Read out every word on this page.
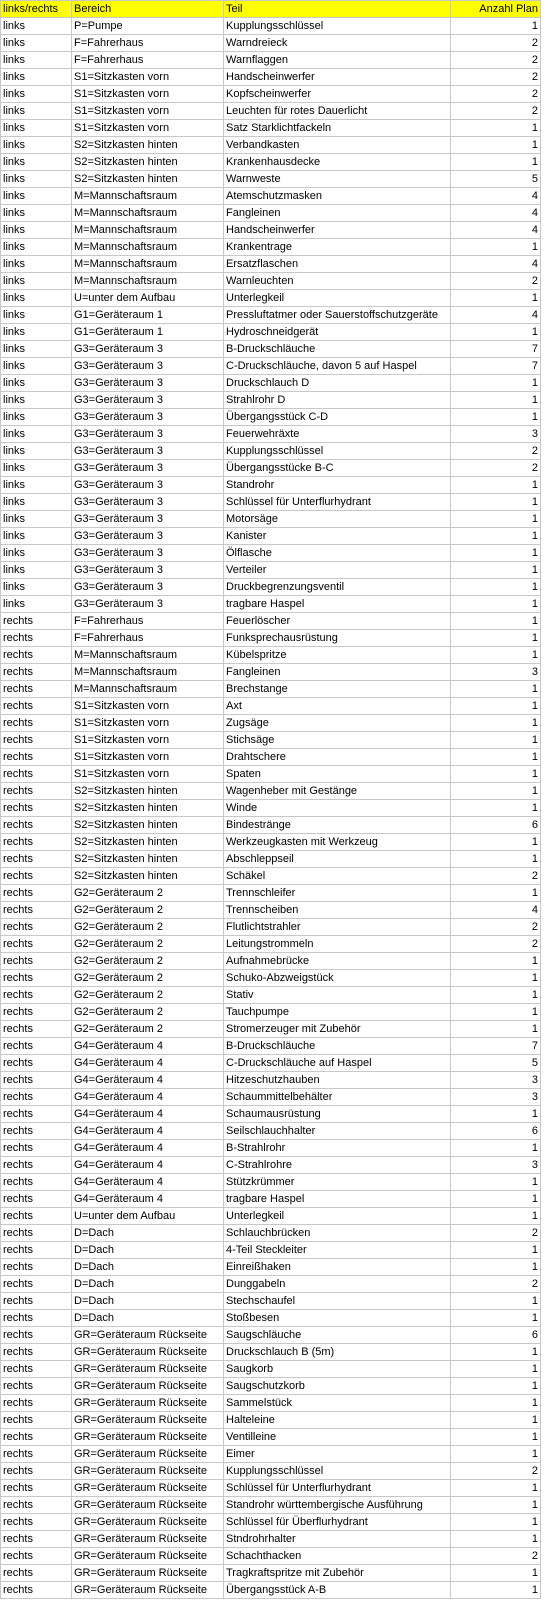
links/rechts	Bereich	Teil	Anzahl Plan
links	P=Pumpe	Kupplungsschlüssel	1
links	F=Fahrerhaus	Warndreieck	2
links	F=Fahrerhaus	Warnflaggen	2
links	S1=Sitzkasten vorn	Handscheinwerfer	2
links	S1=Sitzkasten vorn	Kopfscheinwerfer	2
links	S1=Sitzkasten vorn	Leuchten für rotes Dauerlicht	2
links	S1=Sitzkasten vorn	Satz Starklichtfackeln	1
links	S2=Sitzkasten hinten	Verbandkasten	1
links	S2=Sitzkasten hinten	Krankenhausdecke	1
links	S2=Sitzkasten hinten	Warnweste	5
links	M=Mannschaftsraum	Atemschutzmasken	4
links	M=Mannschaftsraum	Fangleinen	4
links	M=Mannschaftsraum	Handscheinwerfer	4
links	M=Mannschaftsraum	Krankentrage	1
links	M=Mannschaftsraum	Ersatzflaschen	4
links	M=Mannschaftsraum	Warnleuchten	2
links	U=unter dem Aufbau	Unterlegkeil	1
links	G1=Geräteraum 1	Pressluftatmer oder Sauerstoffschutzgeräte	4
links	G1=Geräteraum 1	Hydroschneidgerät	1
links	G3=Geräteraum 3	B-Druckschläuche	7
links	G3=Geräteraum 3	C-Druckschläuche, davon 5 auf Haspel	7
links	G3=Geräteraum 3	Druckschlauch D	1
links	G3=Geräteraum 3	Strahlrohr D	1
links	G3=Geräteraum 3	Übergangsstück C-D	1
links	G3=Geräteraum 3	Feuerwehräxte	3
links	G3=Geräteraum 3	Kupplungsschlüssel	2
links	G3=Geräteraum 3	Übergangsstücke B-C	2
links	G3=Geräteraum 3	Standrohr	1
links	G3=Geräteraum 3	Schlüssel für Unterflurhydrant	1
links	G3=Geräteraum 3	Motorsäge	1
links	G3=Geräteraum 3	Kanister	1
links	G3=Geräteraum 3	Ölflasche	1
links	G3=Geräteraum 3	Verteiler	1
links	G3=Geräteraum 3	Druckbegrenzungsventil	1
links	G3=Geräteraum 3	tragbare Haspel	1
rechts	F=Fahrerhaus	Feuerlöscher	1
rechts	F=Fahrerhaus	Funksprechausrüstung	1
rechts	M=Mannschaftsraum	Kübelspritze	1
rechts	M=Mannschaftsraum	Fangleinen	3
rechts	M=Mannschaftsraum	Brechstange	1
rechts	S1=Sitzkasten vorn	Axt	1
rechts	S1=Sitzkasten vorn	Zugsäge	1
rechts	S1=Sitzkasten vorn	Stichsäge	1
rechts	S1=Sitzkasten vorn	Drahtschere	1
rechts	S1=Sitzkasten vorn	Spaten	1
rechts	S2=Sitzkasten hinten	Wagenheber mit Gestänge	1
rechts	S2=Sitzkasten hinten	Winde	1
rechts	S2=Sitzkasten hinten	Bindestränge	6
rechts	S2=Sitzkasten hinten	Werkzeugkasten mit Werkzeug	1
rechts	S2=Sitzkasten hinten	Abschleppseil	1
rechts	S2=Sitzkasten hinten	Schäkel	2
rechts	G2=Geräteraum 2	Trennschleifer	1
rechts	G2=Geräteraum 2	Trennscheiben	4
rechts	G2=Geräteraum 2	Flutlichtstrahler	2
rechts	G2=Geräteraum 2	Leitungstrommeln	2
rechts	G2=Geräteraum 2	Aufnahmebrücke	1
rechts	G2=Geräteraum 2	Schuko-Abzweigstück	1
rechts	G2=Geräteraum 2	Stativ	1
rechts	G2=Geräteraum 2	Tauchpumpe	1
rechts	G2=Geräteraum 2	Stromerzeuger mit Zubehör	1
rechts	G4=Geräteraum 4	B-Druckschläuche	7
rechts	G4=Geräteraum 4	C-Druckschläuche auf Haspel	5
rechts	G4=Geräteraum 4	Hitzeschutzhauben	3
rechts	G4=Geräteraum 4	Schaummittelbehälter	3
rechts	G4=Geräteraum 4	Schaumausrüstung	1
rechts	G4=Geräteraum 4	Seilschlauchhalter	6
rechts	G4=Geräteraum 4	B-Strahlrohr	1
rechts	G4=Geräteraum 4	C-Strahlrohre	3
rechts	G4=Geräteraum 4	Stützkrümmer	1
rechts	G4=Geräteraum 4	tragbare Haspel	1
rechts	U=unter dem Aufbau	Unterlegkeil	1
rechts	D=Dach	Schlauchbrücken	2
rechts	D=Dach	4-Teil Steckleiter	1
rechts	D=Dach	Einreißhaken	1
rechts	D=Dach	Dunggabeln	2
rechts	D=Dach	Stechschaufel	1
rechts	D=Dach	Stoßbesen	1
rechts	GR=Geräteraum Rückseite	Saugschläuche	6
rechts	GR=Geräteraum Rückseite	Druckschlauch B (5m)	1
rechts	GR=Geräteraum Rückseite	Saugkorb	1
rechts	GR=Geräteraum Rückseite	Saugschutzkorb	1
rechts	GR=Geräteraum Rückseite	Sammelstück	1
rechts	GR=Geräteraum Rückseite	Halteleine	1
rechts	GR=Geräteraum Rückseite	Ventilleine	1
rechts	GR=Geräteraum Rückseite	Eimer	1
rechts	GR=Geräteraum Rückseite	Kupplungsschlüssel	2
rechts	GR=Geräteraum Rückseite	Schlüssel für Unterflurhydrant	1
rechts	GR=Geräteraum Rückseite	Standrohr württembergische Ausführung	1
rechts	GR=Geräteraum Rückseite	Schlüssel für Überflurhydrant	1
rechts	GR=Geräteraum Rückseite	Stndrohrhalter	1
rechts	GR=Geräteraum Rückseite	Schachthacken	2
rechts	GR=Geräteraum Rückseite	Tragkraftspritze mit Zubehör	1
rechts	GR=Geräteraum Rückseite	Übergangsstück A-B	1
